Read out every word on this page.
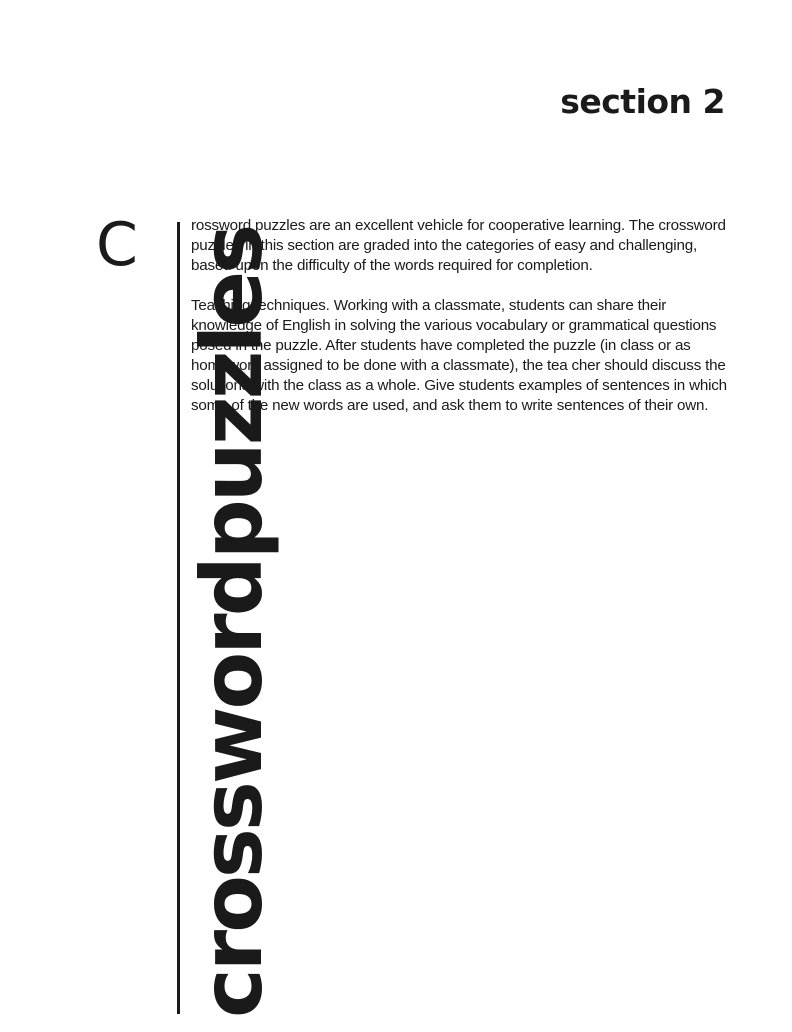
section 2
C crosswordpuzzles

rossword puzzles are an excellent vehicle for cooperative learning. The crossword puzzles in this section are graded into the categories of easy and challenging, based upon the difficulty of the words required for completion.

Teaching techniques. Working with a classmate, students can share their knowledge of English in solving the various vocabulary or grammatical questions posed in the puzzle. After students have completed the puzzle (in class or as homework assigned to be done with a classmate), the tea cher should discuss the solutions with the class as a whole. Give students examples of sentences in which some of the new words are used, and ask them to write sentences of their own.
